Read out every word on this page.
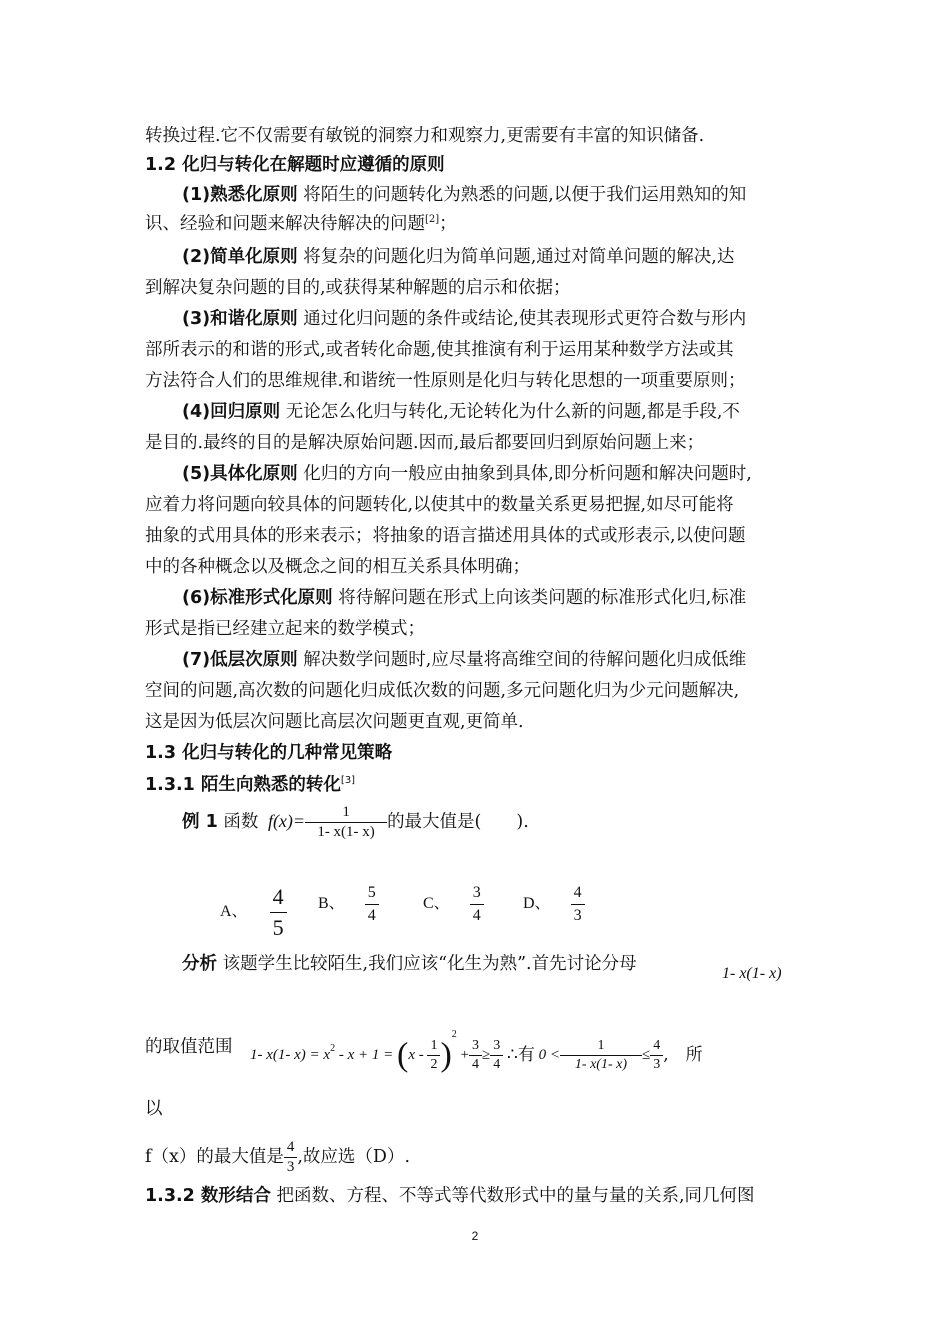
转换过程.它不仅需要有敏锐的洞察力和观察力,更需要有丰富的知识储备.
1.2 化归与转化在解题时应遵循的原则
(1)熟悉化原则 将陌生的问题转化为熟悉的问题,以便于我们运用熟知的知
识、经验和问题来解决待解决的问题[2]；
(2)简单化原则 将复杂的问题化归为简单问题,通过对简单问题的解决,达
到解决复杂问题的目的,或获得某种解题的启示和依据；
(3)和谐化原则 通过化归问题的条件或结论,使其表现形式更符合数与形内
部所表示的和谐的形式,或者转化命题,使其推演有利于运用某种数学方法或其
方法符合人们的思维规律.和谐统一性原则是化归与转化思想的一项重要原则；
(4)回归原则 无论怎么化归与转化,无论转化为什么新的问题,都是手段,不
是目的.最终的目的是解决原始问题.因而,最后都要回归到原始问题上来；
(5)具体化原则 化归的方向一般应由抽象到具体,即分析问题和解决问题时,
应着力将问题向较具体的问题转化,以使其中的数量关系更易把握,如尽可能将
抽象的式用具体的形来表示；将抽象的语言描述用具体的式或形表示,以使问题
中的各种概念以及概念之间的相互关系具体明确；
(6)标准形式化原则 将待解问题在形式上向该类问题的标准形式化归,标准
形式是指已经建立起来的数学模式；
(7)低层次原则 解决数学问题时,应尽量将高维空间的待解问题化归成低维
空间的问题,高次数的问题化归成低次数的问题,多元问题化归为少元问题解决,
这是因为低层次问题比高层次问题更直观,更简单.
1.3 化归与转化的几种常见策略
1.3.1 陌生向熟悉的转化[3]
例 1 函数 $f(x)= \frac{1}{1- x(1- x)}$ 的最大值是(　　).
A、 $\frac{4}{5}$ B、 $\frac{5}{4}$	C、 $\frac{3}{4}$ D、 $\frac{4}{3}$
分析 该题学生比较陌生,我们应该“化生为熟”.首先讨论分母	1- x(1- x)
的取值范围 1- x(1- $x) = x^2 - x + 1 = (x - \frac{1}{2} )^2 + \frac{3}{4} \ge \frac{3}{4}$ ∴有 $0 < \frac{1}{1- x(1- x)} \le \frac{4}{3}$ ,　所
以
f（x）的最大值是 $\frac{4}{3}$ ,故应选（D）.
1.3.2 数形结合 把函数、方程、不等式等代数形式中的量与量的关系,同几何图
2
